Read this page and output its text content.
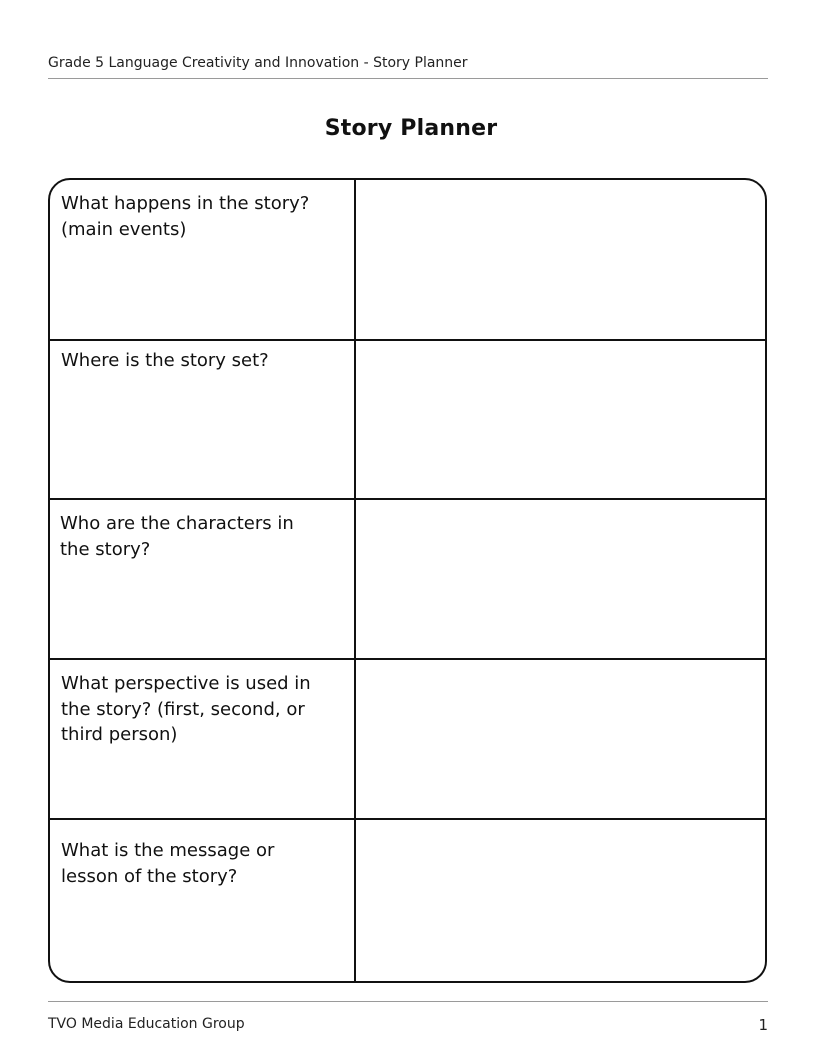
Grade 5 Language Creativity and Innovation - Story Planner
Story Planner
What happens in the story?
(main events)
Where is the story set?
Who are the characters in
the story?
What perspective is used in
the story? (first, second, or
third person)
What is the message or
lesson of the story?
TVO Media Education Group	1
